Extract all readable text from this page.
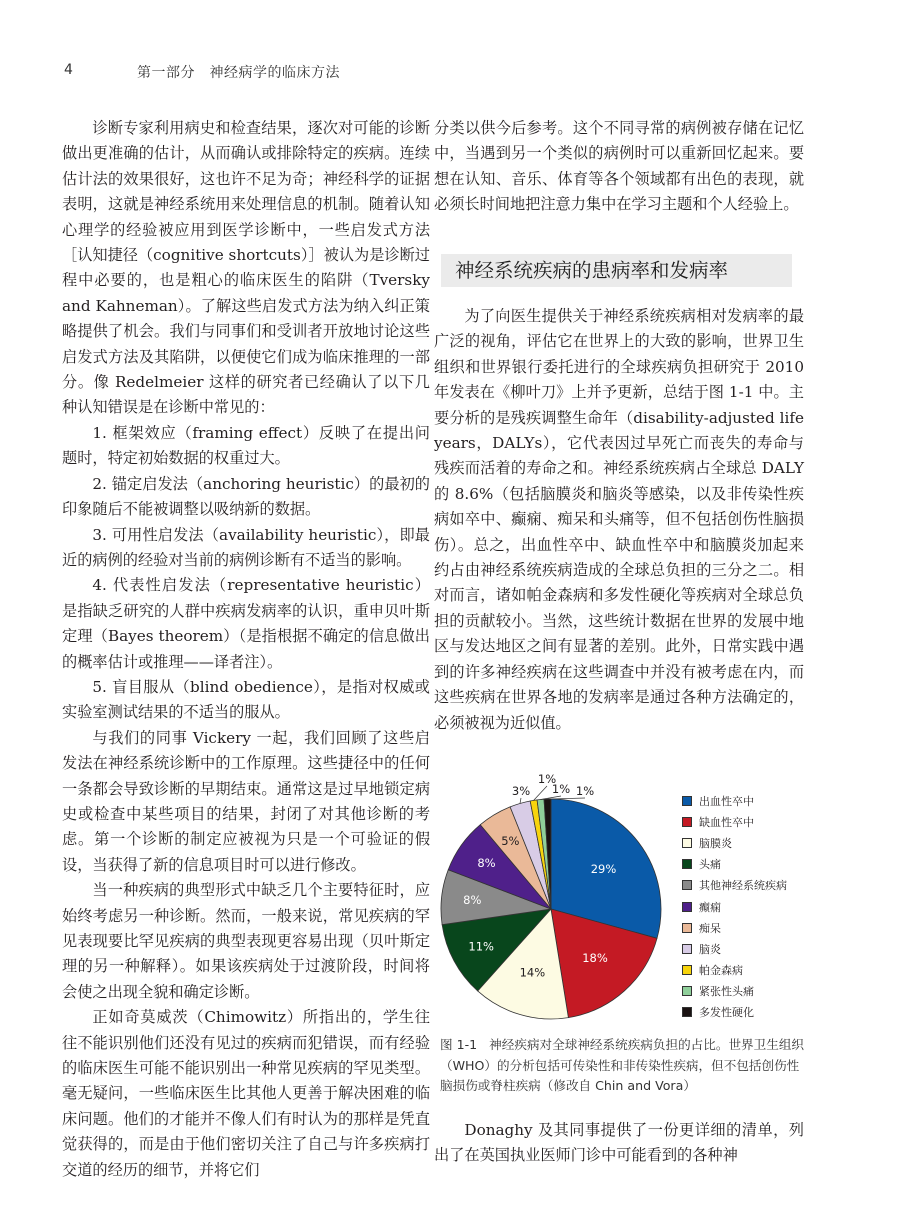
4	第一部分　神经病学的临床方法

诊断专家利用病史和检查结果，逐次对可能的诊断做出更准确的估计，从而确认或排除特定的疾病。连续估计法的效果很好，这也许不足为奇；神经科学的证据表明，这就是神经系统用来处理信息的机制。随着认知心理学的经验被应用到医学诊断中，一些启发式方法［认知捷径（cognitive shortcuts）］被认为是诊断过程中必要的，也是粗心的临床医生的陷阱（Tversky and Kahneman）。了解这些启发式方法为纳入纠正策略提供了机会。我们与同事们和受训者开放地讨论这些启发式方法及其陷阱，以便使它们成为临床推理的一部分。像 Redelmeier 这样的研究者已经确认了以下几种认知错误是在诊断中常见的：

1. 框架效应（framing effect）反映了在提出问题时，特定初始数据的权重过大。

2. 锚定启发法（anchoring heuristic）的最初的印象随后不能被调整以吸纳新的数据。

3. 可用性启发法（availability heuristic），即最近的病例的经验对当前的病例诊断有不适当的影响。

4. 代表性启发法（representative heuristic）是指缺乏研究的人群中疾病发病率的认识，重申贝叶斯定理（Bayes theorem）（是指根据不确定的信息做出的概率估计或推理——译者注）。

5. 盲目服从（blind obedience），是指对权威或实验室测试结果的不适当的服从。

与我们的同事 Vickery 一起，我们回顾了这些启发法在神经系统诊断中的工作原理。这些捷径中的任何一条都会导致诊断的早期结束。通常这是过早地锁定病史或检查中某些项目的结果，封闭了对其他诊断的考虑。第一个诊断的制定应被视为只是一个可验证的假设，当获得了新的信息项目时可以进行修改。

当一种疾病的典型形式中缺乏几个主要特征时，应始终考虑另一种诊断。然而，一般来说，常见疾病的罕见表现要比罕见疾病的典型表现更容易出现（贝叶斯定理的另一种解释）。如果该疾病处于过渡阶段，时间将会使之出现全貌和确定诊断。

正如奇莫威茨（Chimowitz）所指出的，学生往往不能识别他们还没有见过的疾病而犯错误，而有经验的临床医生可能不能识别出一种常见疾病的罕见类型。毫无疑问，一些临床医生比其他人更善于解决困难的临床问题。他们的才能并不像人们有时认为的那样是凭直觉获得的，而是由于他们密切关注了自己与许多疾病打交道的经历的细节，并将它们

分类以供今后参考。这个不同寻常的病例被存储在记忆中，当遇到另一个类似的病例时可以重新回忆起来。要想在认知、音乐、体育等各个领域都有出色的表现，就必须长时间地把注意力集中在学习主题和个人经验上。

神经系统疾病的患病率和发病率

为了向医生提供关于神经系统疾病相对发病率的最广泛的视角，评估它在世界上的大致的影响，世界卫生组织和世界银行委托进行的全球疾病负担研究于 2010 年发表在《柳叶刀》上并予更新，总结于图 1-1 中。主要分析的是残疾调整生命年（disability-adjusted life years，DALYs），它代表因过早死亡而丧失的寿命与残疾而活着的寿命之和。神经系统疾病占全球总 DALY 的 8.6%（包括脑膜炎和脑炎等感染，以及非传染性疾病如卒中、癫痫、痴呆和头痛等，但不包括创伤性脑损伤）。总之，出血性卒中、缺血性卒中和脑膜炎加起来约占由神经系统疾病造成的全球总负担的三分之二。相对而言，诸如帕金森病和多发性硬化等疾病对全球总负担的贡献较小。当然，这些统计数据在世界的发展中地区与发达地区之间有显著的差别。此外，日常实践中遇到的许多神经疾病在这些调查中并没有被考虑在内，而这些疾病在世界各地的发病率是通过各种方法确定的，必须被视为近似值。

29%
18%
14%
11%
8%
8%
5%
3%
1%
1% 1%
出血性卒中
缺血性卒中
脑膜炎
头痛
其他神经系统疾病
癫痫
痴呆
脑炎
帕金森病
紧张性头痛
多发性硬化
图 1-1 神经疾病对全球神经系统疾病负担的占比。世界卫生组织（WHO）的分析包括可传染性和非传染性疾病，但不包括创伤性脑损伤或脊柱疾病（修改自 Chin and Vora）

Donaghy 及其同事提供了一份更详细的清单，列出了在英国执业医师门诊中可能看到的各种神
